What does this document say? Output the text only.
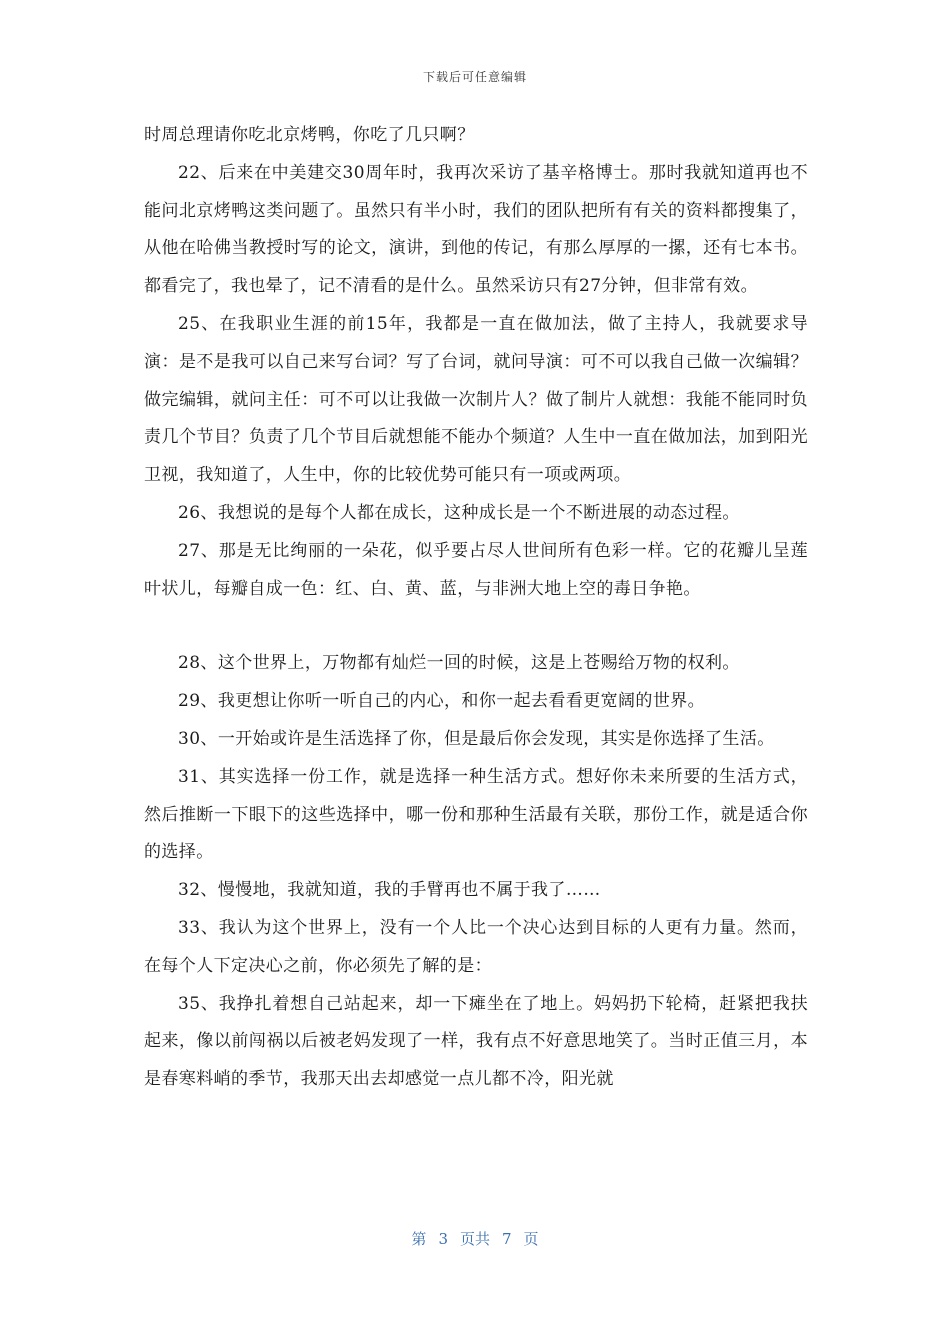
下载后可任意编辑

时周总理请你吃北京烤鸭，你吃了几只啊？

22、后来在中美建交30周年时，我再次采访了基辛格博士。那时我就知道再也不能问北京烤鸭这类问题了。虽然只有半小时，我们的团队把所有有关的资料都搜集了，从他在哈佛当教授时写的论文，演讲，到他的传记，有那么厚厚的一摞，还有七本书。都看完了，我也晕了，记不清看的是什么。虽然采访只有27分钟，但非常有效。

25、在我职业生涯的前15年，我都是一直在做加法，做了主持人，我就要求导演：是不是我可以自己来写台词？写了台词，就问导演：可不可以我自己做一次编辑？做完编辑，就问主任：可不可以让我做一次制片人？做了制片人就想：我能不能同时负责几个节目？负责了几个节目后就想能不能办个频道？人生中一直在做加法，加到阳光卫视，我知道了，人生中，你的比较优势可能只有一项或两项。

26、我想说的是每个人都在成长，这种成长是一个不断进展的动态过程。

27、那是无比绚丽的一朵花，似乎要占尽人世间所有色彩一样。它的花瓣儿呈莲叶状儿，每瓣自成一色：红、白、黄、蓝，与非洲大地上空的毒日争艳。

28、这个世界上，万物都有灿烂一回的时候，这是上苍赐给万物的权利。

29、我更想让你听一听自己的内心，和你一起去看看更宽阔的世界。

30、一开始或许是生活选择了你，但是最后你会发现，其实是你选择了生活。

31、其实选择一份工作，就是选择一种生活方式。想好你未来所要的生活方式，然后推断一下眼下的这些选择中，哪一份和那种生活最有关联，那份工作，就是适合你的选择。

32、慢慢地，我就知道，我的手臂再也不属于我了……

33、我认为这个世界上，没有一个人比一个决心达到目标的人更有力量。然而，在每个人下定决心之前，你必须先了解的是：

35、我挣扎着想自己站起来，却一下瘫坐在了地上。妈妈扔下轮椅，赶紧把我扶起来，像以前闯祸以后被老妈发现了一样，我有点不好意思地笑了。当时正值三月，本是春寒料峭的季节，我那天出去却感觉一点儿都不冷，阳光就

第 3 页共 7 页
